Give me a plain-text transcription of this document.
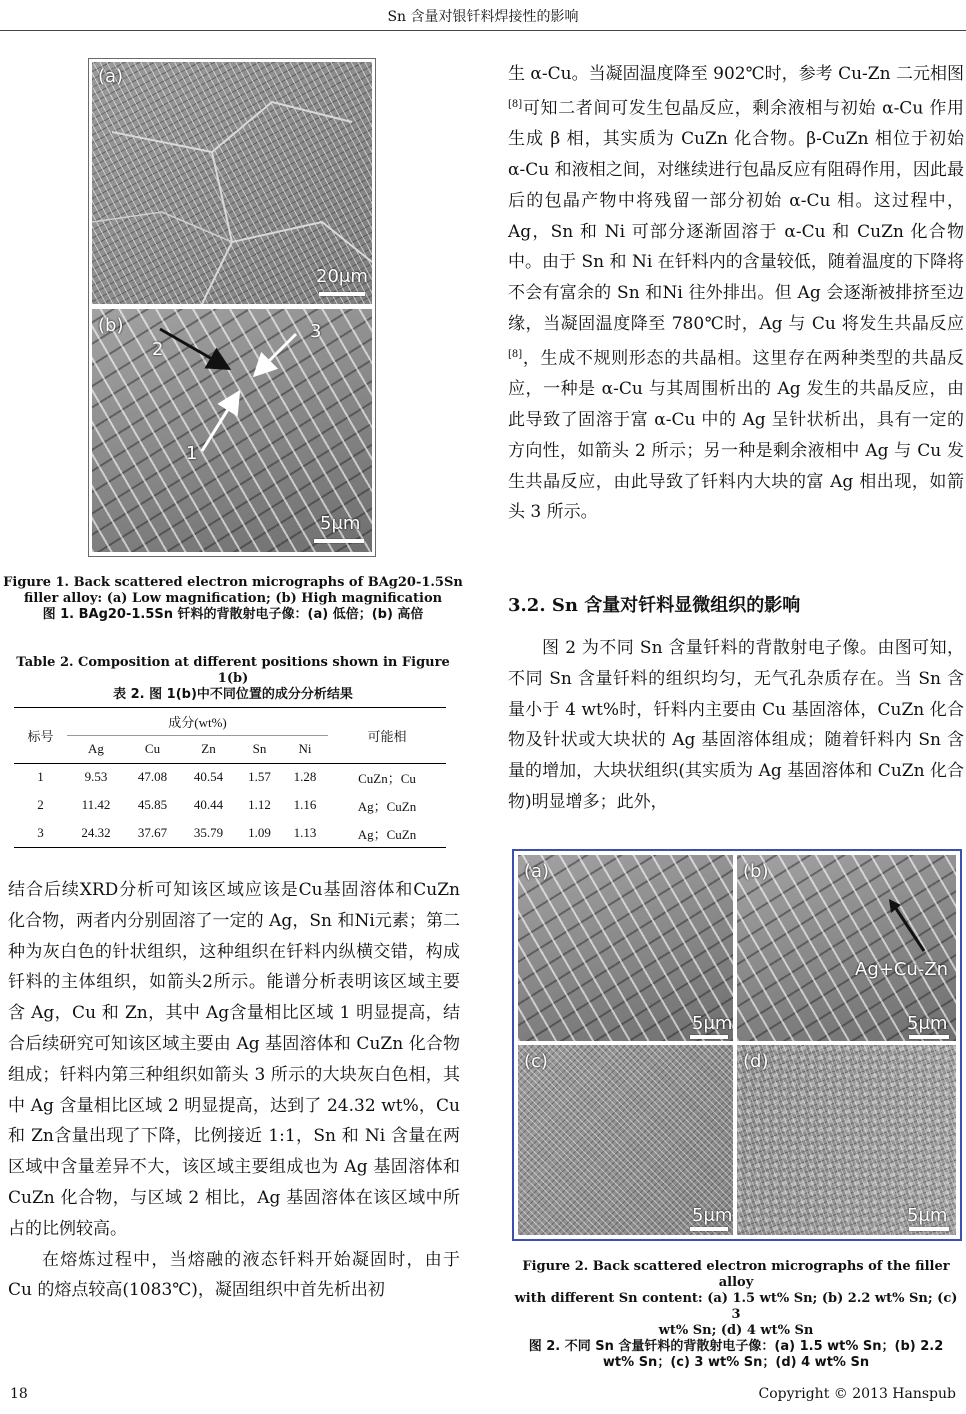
Sn 含量对银钎料焊接性的影响
(a)
20μm
(b)
2
3
1
5μm
Figure 1. Back scattered electron micrographs of BAg20-1.5Sn
filler alloy: (a) Low magnification; (b) High magnification
图 1. BAg20-1.5Sn 钎料的背散射电子像：(a) 低倍；(b) 高倍
Table 2. Composition at different positions shown in Figure 1(b)
表 2. 图 1(b)中不同位置的成分分析结果
标号	成分(wt%)					可能相
	Ag	Cu	Zn	Sn	Ni	
1	9.53	47.08	40.54	1.57	1.28	CuZn；Cu
2	11.42	45.85	40.44	1.12	1.16	Ag；CuZn
3	24.32	37.67	35.79	1.09	1.13	Ag；CuZn

结合后续XRD分析可知该区域应该是Cu基固溶体和CuZn 化合物，两者内分别固溶了一定的 Ag，Sn 和Ni元素；第二种为灰白色的针状组织，这种组织在钎料内纵横交错，构成钎料的主体组织，如箭头2所示。能谱分析表明该区域主要含 Ag，Cu 和 Zn，其中 Ag含量相比区域 1 明显提高，结合后续研究可知该区域主要由 Ag 基固溶体和 CuZn 化合物组成；钎料内第三种组织如箭头 3 所示的大块灰白色相，其中 Ag 含量相比区域 2 明显提高，达到了 24.32 wt%，Cu 和 Zn含量出现了下降，比例接近 1:1，Sn 和 Ni 含量在两区域中含量差异不大，该区域主要组成也为 Ag 基固溶体和 CuZn 化合物，与区域 2 相比，Ag 基固溶体在该区域中所占的比例较高。

在熔炼过程中，当熔融的液态钎料开始凝固时，由于 Cu 的熔点较高(1083℃)，凝固组织中首先析出初

生 α-Cu。当凝固温度降至 902℃时，参考 Cu-Zn 二元相图[8]可知二者间可发生包晶反应，剩余液相与初始 α-Cu 作用生成 β 相，其实质为 CuZn 化合物。β-CuZn 相位于初始 α-Cu 和液相之间，对继续进行包晶反应有阻碍作用，因此最后的包晶产物中将残留一部分初始 α-Cu 相。这过程中，Ag，Sn 和 Ni 可部分逐渐固溶于 α-Cu 和 CuZn 化合物中。由于 Sn 和 Ni 在钎料内的含量较低，随着温度的下降将不会有富余的 Sn 和Ni 往外排出。但 Ag 会逐渐被排挤至边缘，当凝固温度降至 780℃时，Ag 与 Cu 将发生共晶反应[8]，生成不规则形态的共晶相。这里存在两种类型的共晶反应，一种是 α-Cu 与其周围析出的 Ag 发生的共晶反应，由此导致了固溶于富 α-Cu 中的 Ag 呈针状析出，具有一定的方向性，如箭头 2 所示；另一种是剩余液相中 Ag 与 Cu 发生共晶反应，由此导致了钎料内大块的富 Ag 相出现，如箭头 3 所示。

3.2. Sn 含量对钎料显微组织的影响

图 2 为不同 Sn 含量钎料的背散射电子像。由图可知，不同 Sn 含量钎料的组织均匀，无气孔杂质存在。当 Sn 含量小于 4 wt%时，钎料内主要由 Cu 基固溶体，CuZn 化合物及针状或大块状的 Ag 基固溶体组成；随着钎料内 Sn 含量的增加，大块状组织(其实质为 Ag 基固溶体和 CuZn 化合物)明显增多；此外，

(a)
5μm
(b)
Ag+Cu-Zn
5μm
(c)
5μm
(d)
5μm
Figure 2. Back scattered electron micrographs of the filler alloy
with different Sn content: (a) 1.5 wt% Sn; (b) 2.2 wt% Sn; (c) 3
wt% Sn; (d) 4 wt% Sn
图 2. 不同 Sn 含量钎料的背散射电子像：(a) 1.5 wt% Sn；(b) 2.2
wt% Sn；(c) 3 wt% Sn；(d) 4 wt% Sn
18	Copyright © 2013 Hanspub
